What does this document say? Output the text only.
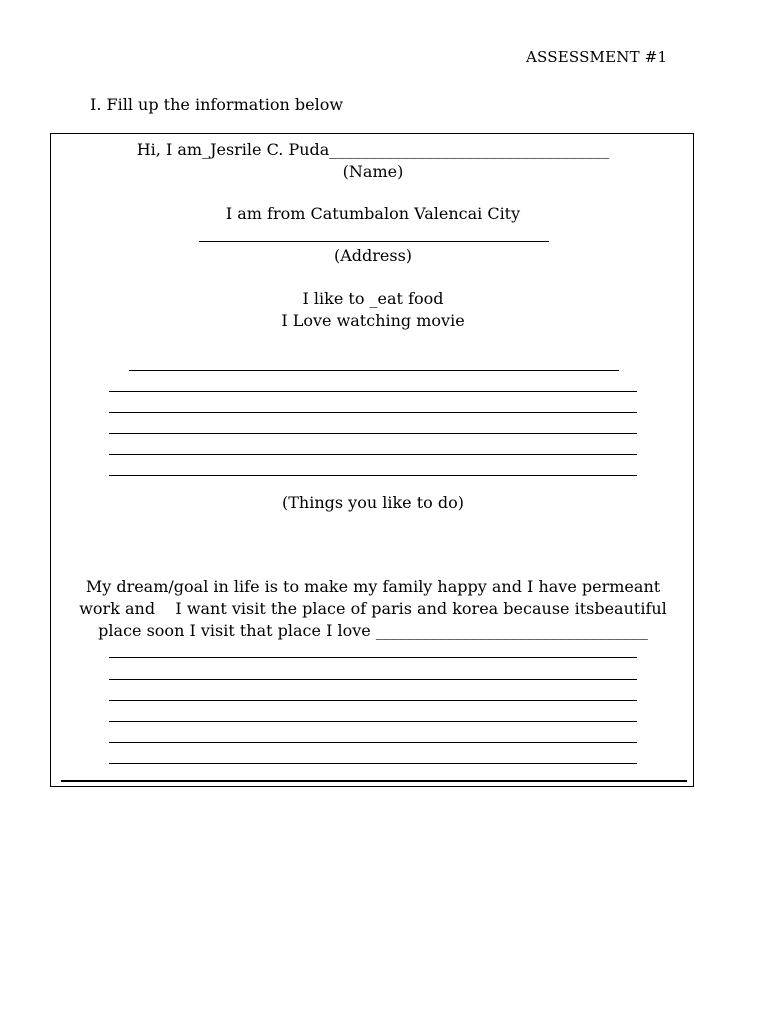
ASSESSMENT #1
I. Fill up the information below
Hi, I am_Jesrile C. Puda___________________________________
(Name)
I am from Catumbalon Valencai City
(Address)
I like to _eat food
I Love watching movie
(Things you like to do)
My dream/goal in life is to make my family happy and I have permeant
work and    I want visit the place of paris and korea because itsbeautiful
place soon I visit that place I love __________________________________
